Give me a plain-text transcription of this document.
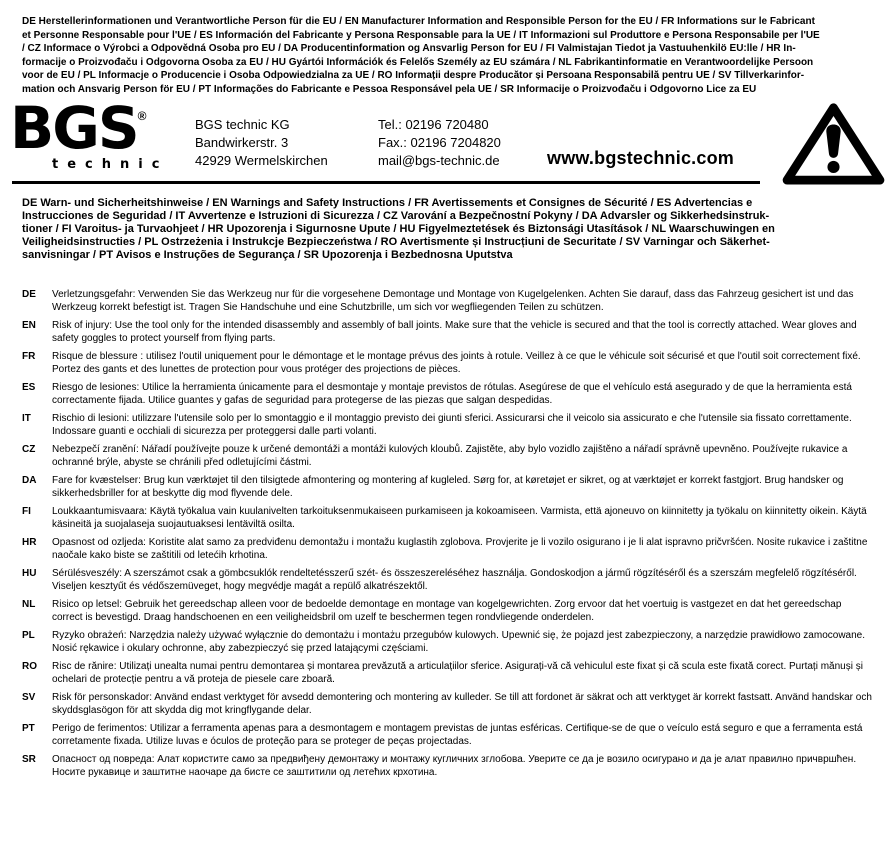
DE Herstellerinformationen und Verantwortliche Person für die EU / EN Manufacturer Information and Responsible Person for the EU / FR Informations sur le Fabricant
et Personne Responsable pour l'UE / ES Información del Fabricante y Persona Responsable para la UE / IT Informazioni sul Produttore e Persona Responsabile per l'UE
/ CZ Informace o Výrobci a Odpovědná Osoba pro EU / DA Producentinformation og Ansvarlig Person for EU / FI Valmistajan Tiedot ja Vastuuhenkilö EU:lle / HR In-
formacije o Proizvođaču i Odgovorna Osoba za EU / HU Gyártói Információk és Felelős Személy az EU számára / NL Fabrikantinformatie en Verantwoordelijke Persoon
voor de EU / PL Informacje o Producencie i Osoba Odpowiedzialna za UE / RO Informații despre Producător și Persoana Responsabilă pentru UE / SV Tillverkarinfor-
mation och Ansvarig Person för EU / PT Informações do Fabricante e Pessoa Responsável pela UE / SR Informacije o Proizvođaču i Odgovorno Lice za EU
BGS®
technic
BGS technic KG
Bandwirkerstr. 3
42929 Wermelskirchen
Tel.: 02196 720480
Fax.: 02196 7204820
mail@bgs-technic.de	www.bgstechnic.com
DE Warn- und Sicherheitshinweise / EN Warnings and Safety Instructions / FR Avertissements et Consignes de Sécurité / ES Advertencias e
Instrucciones de Seguridad / IT Avvertenze e Istruzioni di Sicurezza / CZ Varování a Bezpečnostní Pokyny / DA Advarsler og Sikkerhedsinstruk-
tioner / FI Varoitus- ja Turvaohjeet / HR Upozorenja i Sigurnosne Upute / HU Figyelmeztetések és Biztonsági Utasítások / NL Waarschuwingen en
Veiligheidsinstructies / PL Ostrzeżenia i Instrukcje Bezpieczeństwa / RO Avertismente și Instrucțiuni de Securitate / SV Varningar och Säkerhet-
sanvisningar / PT Avisos e Instruções de Segurança / SR Upozorenja i Bezbednosna Uputstva
DE	Verletzungsgefahr: Verwenden Sie das Werkzeug nur für die vorgesehene Demontage und Montage von Kugelgelenken. Achten Sie darauf, dass das Fahrzeug gesichert ist und das Werkzeug korrekt befestigt ist. Tragen Sie Handschuhe und eine Schutzbrille, um sich vor wegfliegenden Teilen zu schützen.
EN	Risk of injury: Use the tool only for the intended disassembly and assembly of ball joints. Make sure that the vehicle is secured and that the tool is correctly attached. Wear gloves and safety goggles to protect yourself from flying parts.
FR	Risque de blessure : utilisez l'outil uniquement pour le démontage et le montage prévus des joints à rotule. Veillez à ce que le véhicule soit sécurisé et que l'outil soit correctement fixé. Portez des gants et des lunettes de protection pour vous protéger des projections de pièces.
ES	Riesgo de lesiones: Utilice la herramienta únicamente para el desmontaje y montaje previstos de rótulas. Asegúrese de que el vehículo está asegurado y de que la herramienta está correctamente fijada. Utilice guantes y gafas de seguridad para protegerse de las piezas que salgan despedidas.
IT	Rischio di lesioni: utilizzare l'utensile solo per lo smontaggio e il montaggio previsto dei giunti sferici. Assicurarsi che il veicolo sia assicurato e che l'utensile sia fissato correttamente. Indossare guanti e occhiali di sicurezza per proteggersi dalle parti volanti.
CZ	Nebezpečí zranění: Nářadí používejte pouze k určené demontáži a montáži kulových kloubů. Zajistěte, aby bylo vozidlo zajištěno a nářadí správně upevněno. Používejte rukavice a ochranné brýle, abyste se chránili před odletujícími částmi.
DA	Fare for kvæstelser: Brug kun værktøjet til den tilsigtede afmontering og montering af kugleled. Sørg for, at køretøjet er sikret, og at værktøjet er korrekt fastgjort. Brug handsker og sikkerhedsbriller for at beskytte dig mod flyvende dele.
FI	Loukkaantumisvaara: Käytä työkalua vain kuulanivelten tarkoituksenmukaiseen purkamiseen ja kokoamiseen. Varmista, että ajoneuvo on kiinnitetty ja työkalu on kiinnitetty oikein. Käytä käsineitä ja suojalaseja suojautuaksesi lentäviltä osilta.
HR	Opasnost od ozljeda: Koristite alat samo za predviđenu demontažu i montažu kuglastih zglobova. Provjerite je li vozilo osigurano i je li alat ispravno pričvršćen. Nosite rukavice i zaštitne naočale kako biste se zaštitili od letećih krhotina.
HU	Sérülésveszély: A szerszámot csak a gömbcsuklók rendeltetésszerű szét- és összeszereléséhez használja. Gondoskodjon a jármű rögzítéséről és a szerszám megfelelő rögzítéséről. Viseljen kesztyűt és védőszemüveget, hogy megvédje magát a repülő alkatrészektől.
NL	Risico op letsel: Gebruik het gereedschap alleen voor de bedoelde demontage en montage van kogelgewrichten. Zorg ervoor dat het voertuig is vastgezet en dat het gereedschap correct is bevestigd. Draag handschoenen en een veiligheidsbril om uzelf te beschermen tegen rondvliegende onderdelen.
PL	Ryzyko obrażeń: Narzędzia należy używać wyłącznie do demontażu i montażu przegubów kulowych. Upewnić się, że pojazd jest zabezpieczony, a narzędzie prawidłowo zamocowane. Nosić rękawice i okulary ochronne, aby zabezpieczyć się przed latającymi częściami.
RO	Risc de rănire: Utilizați unealta numai pentru demontarea și montarea prevăzută a articulațiilor sferice. Asigurați-vă că vehiculul este fixat și că scula este fixată corect. Purtați mănuși și ochelari de protecție pentru a vă proteja de piesele care zboară.
SV	Risk för personskador: Använd endast verktyget för avsedd demontering och montering av kulleder. Se till att fordonet är säkrat och att verktyget är korrekt fastsatt. Använd handskar och skyddsglasögon för att skydda dig mot kringflygande delar.
PT	Perigo de ferimentos: Utilizar a ferramenta apenas para a desmontagem e montagem previstas de juntas esféricas. Certifique-se de que o veículo está seguro e que a ferramenta está corretamente fixada. Utilize luvas e óculos de proteção para se proteger de peças projectadas.
SR	Опасност од повреда: Алат користите само за предвиђену демонтажу и монтажу кугличних зглобова. Уверите се да је возило осигурано и да је алат правилно причвршћен. Носите рукавице и заштитне наочаре да бисте се заштитили од летећих крхотина.
